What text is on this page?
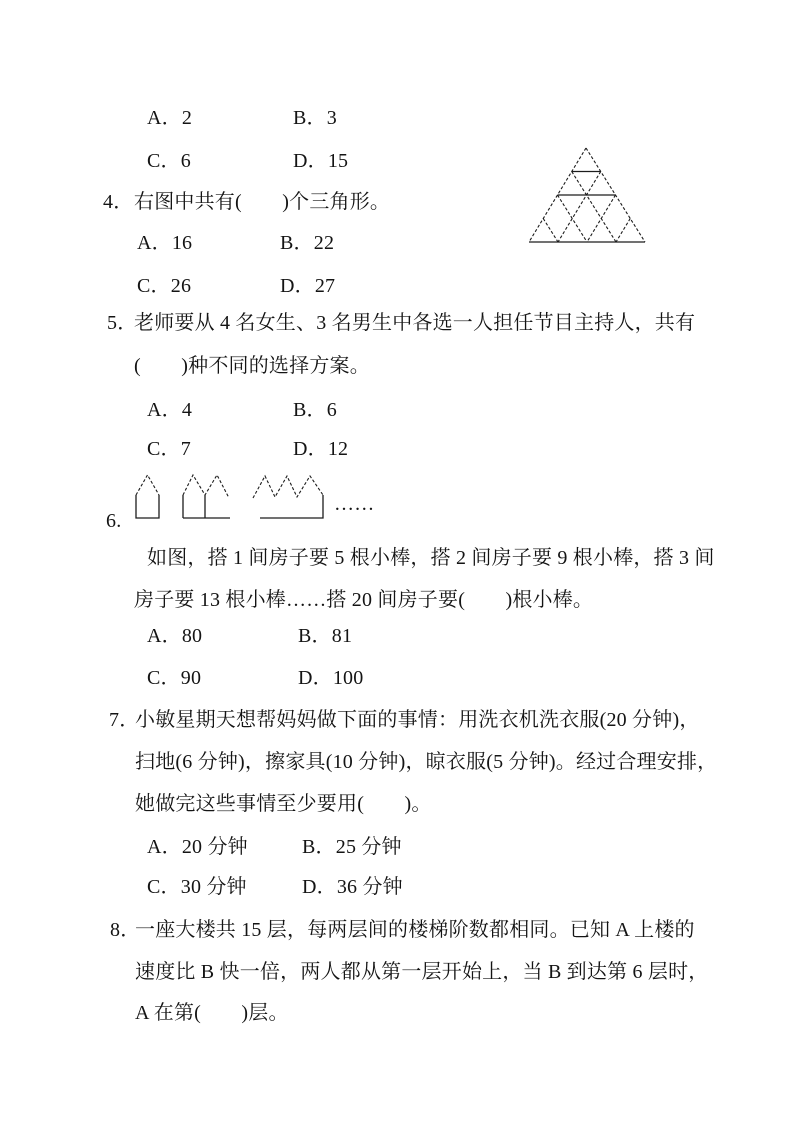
A．2	B．3
C．6	D．15
4． 右图中共有(　　)个三角形。
A．16	B．22
C．26	D．27
5．
老师要从 4 名女生、3 名男生中各选一人担任节目主持人，共有
(　　)种不同的选择方案。
A．4	B．6
C．7	D．12
6.
……
如图，搭 1 间房子要 5 根小棒，搭 2 间房子要 9 根小棒，搭 3 间
房子要 13 根小棒……搭 20 间房子要(　　)根小棒。
A．80	B．81
C．90	D．100
7．
小敏星期天想帮妈妈做下面的事情：用洗衣机洗衣服(20 分钟)，
扫地(6 分钟)，擦家具(10 分钟)，晾衣服(5 分钟)。经过合理安排，
她做完这些事情至少要用(　　)。
A．20 分钟	B．25 分钟
C．30 分钟	D．36 分钟
8．
一座大楼共 15 层，每两层间的楼梯阶数都相同。已知 A 上楼的
速度比 B 快一倍，两人都从第一层开始上，当 B 到达第 6 层时，
A 在第(　　)层。
